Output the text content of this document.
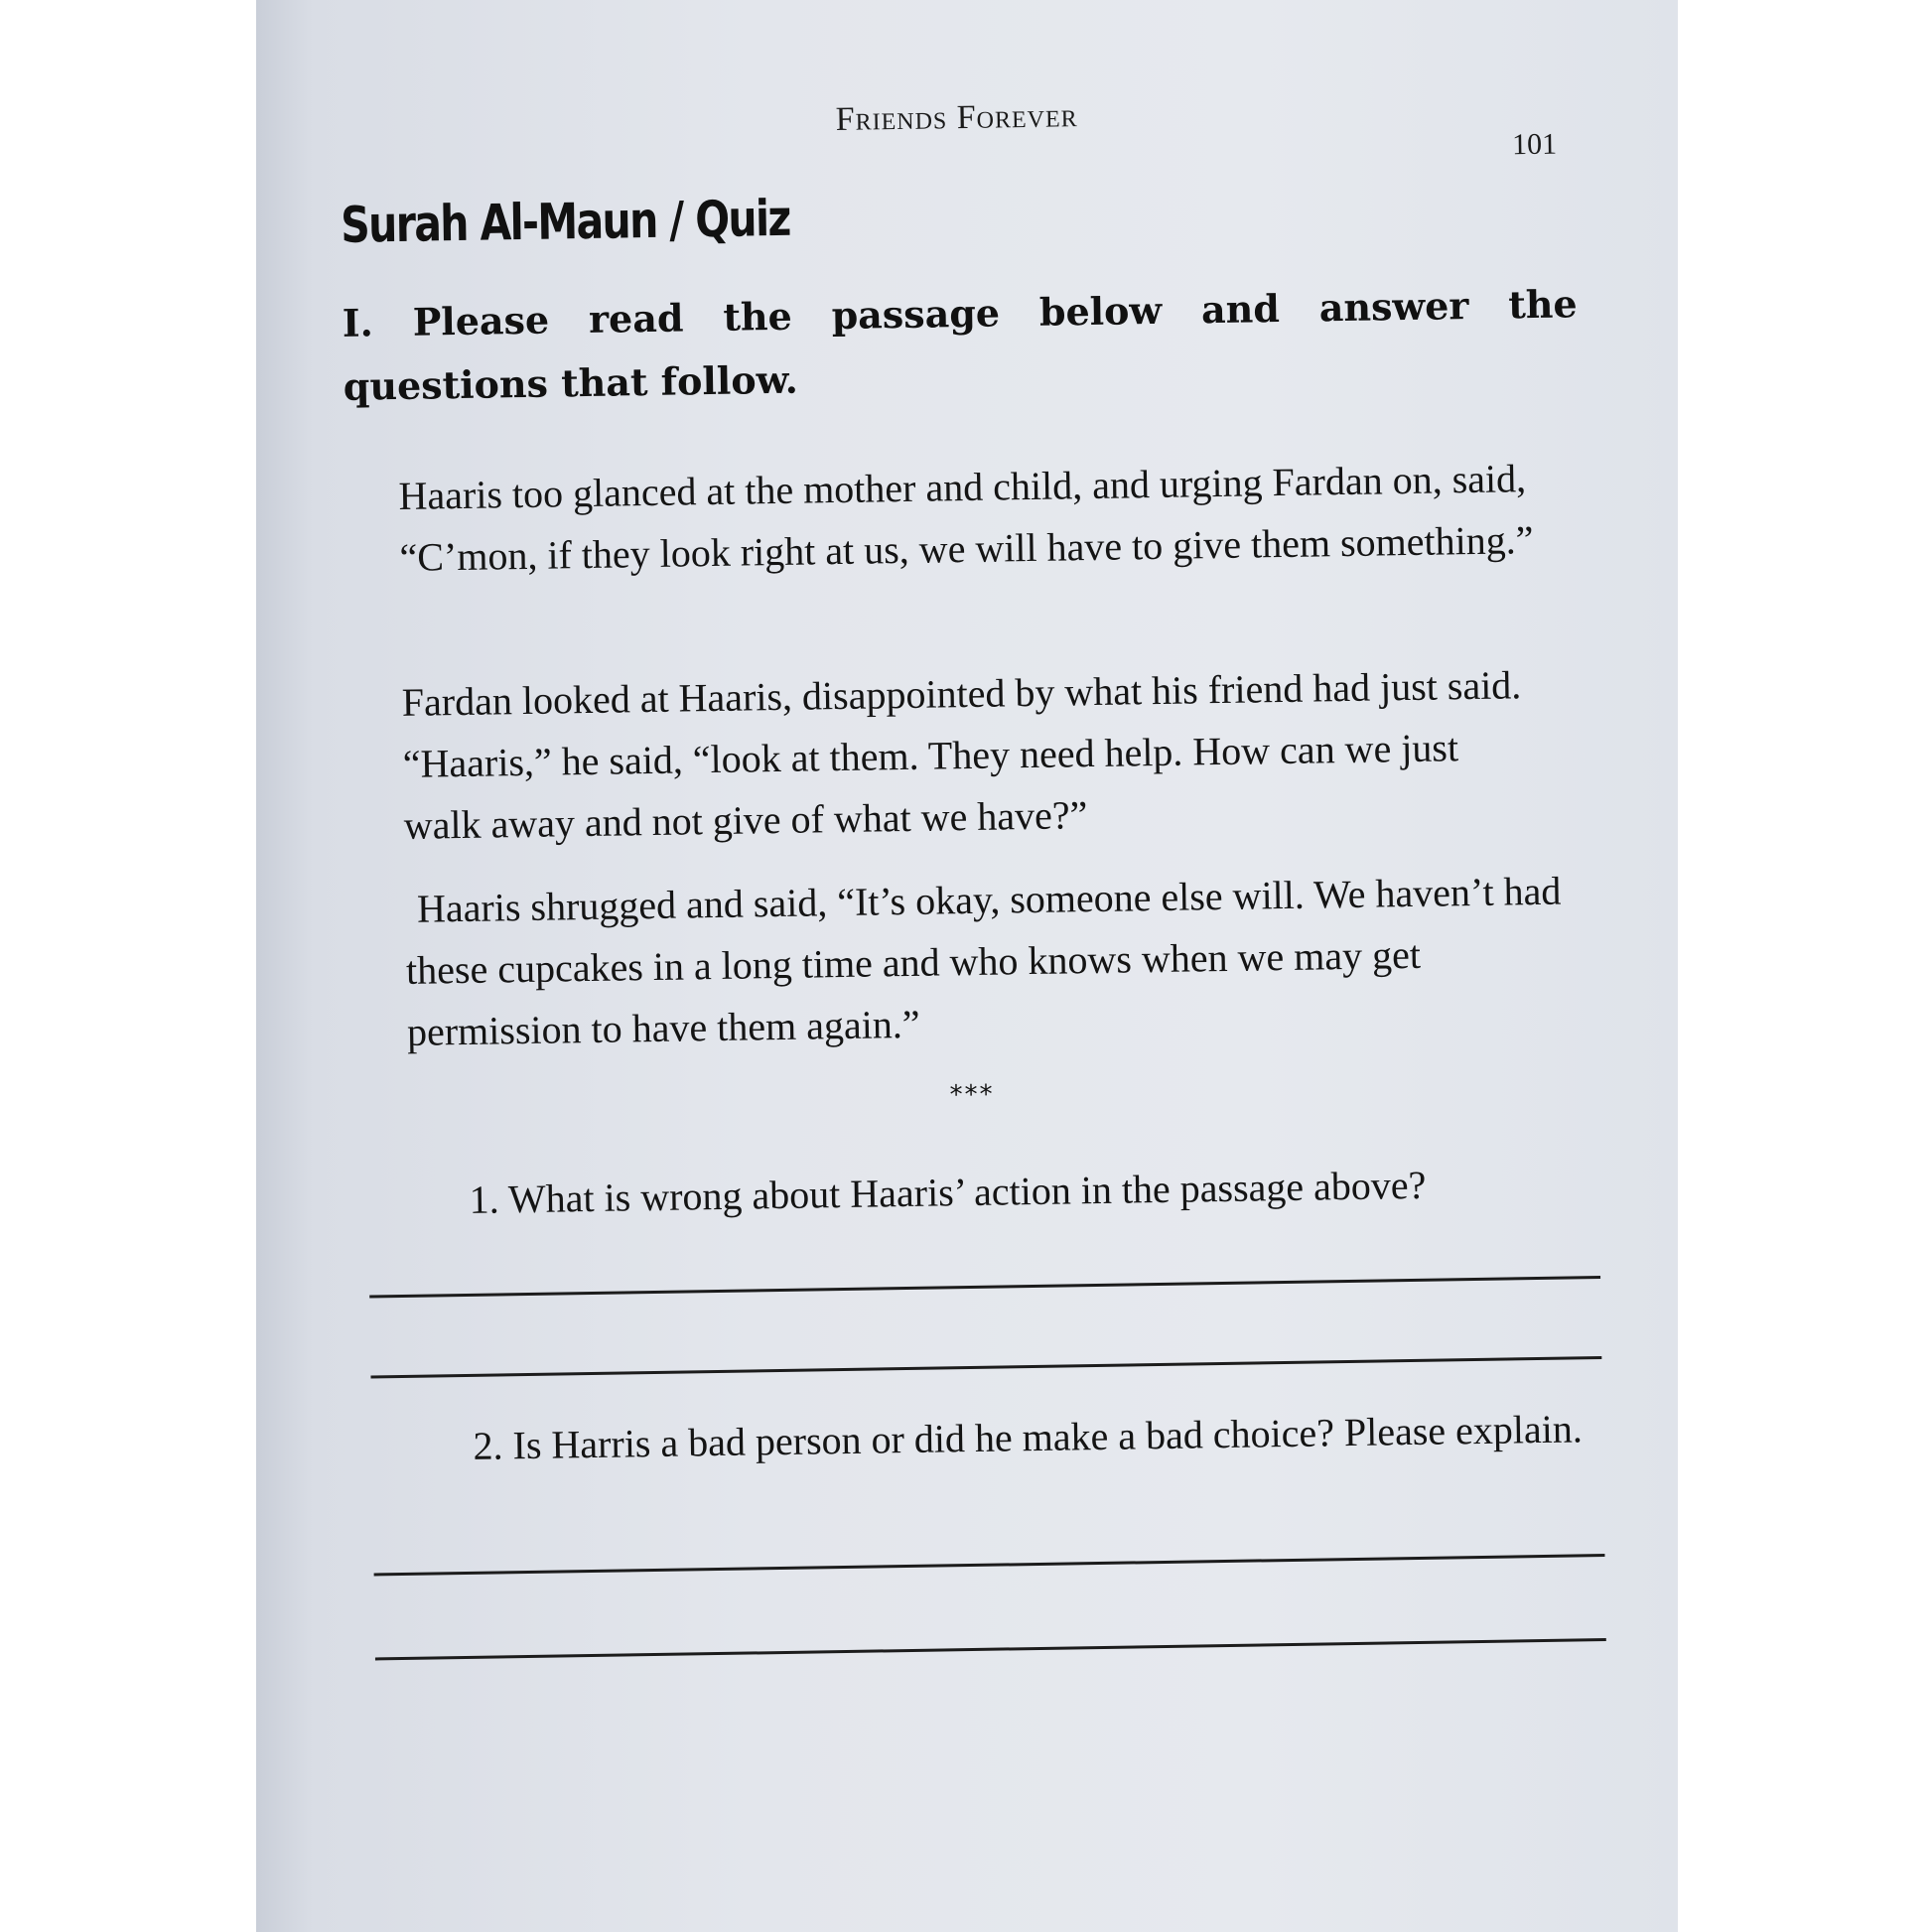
Friends Forever
101
Surah Al-Maun / Quiz
I. Please read the passage below and answer the questions that follow.

Haaris too glanced at the mother and child, and urging Fardan on, said, “C’mon, if they look right at us, we will have to give them something.”

Fardan looked at Haaris, disappointed by what his friend had just said. “Haaris,” he said, “look at them. They need help. How can we just walk away and not give of what we have?”

Haaris shrugged and said, “It’s okay, someone else will. We haven’t had these cupcakes in a long time and who knows when we may get permission to have them again.”

***

1. What is wrong about Haaris’ action in the passage above?

2. Is Harris a bad person or did he make a bad choice? Please explain.
